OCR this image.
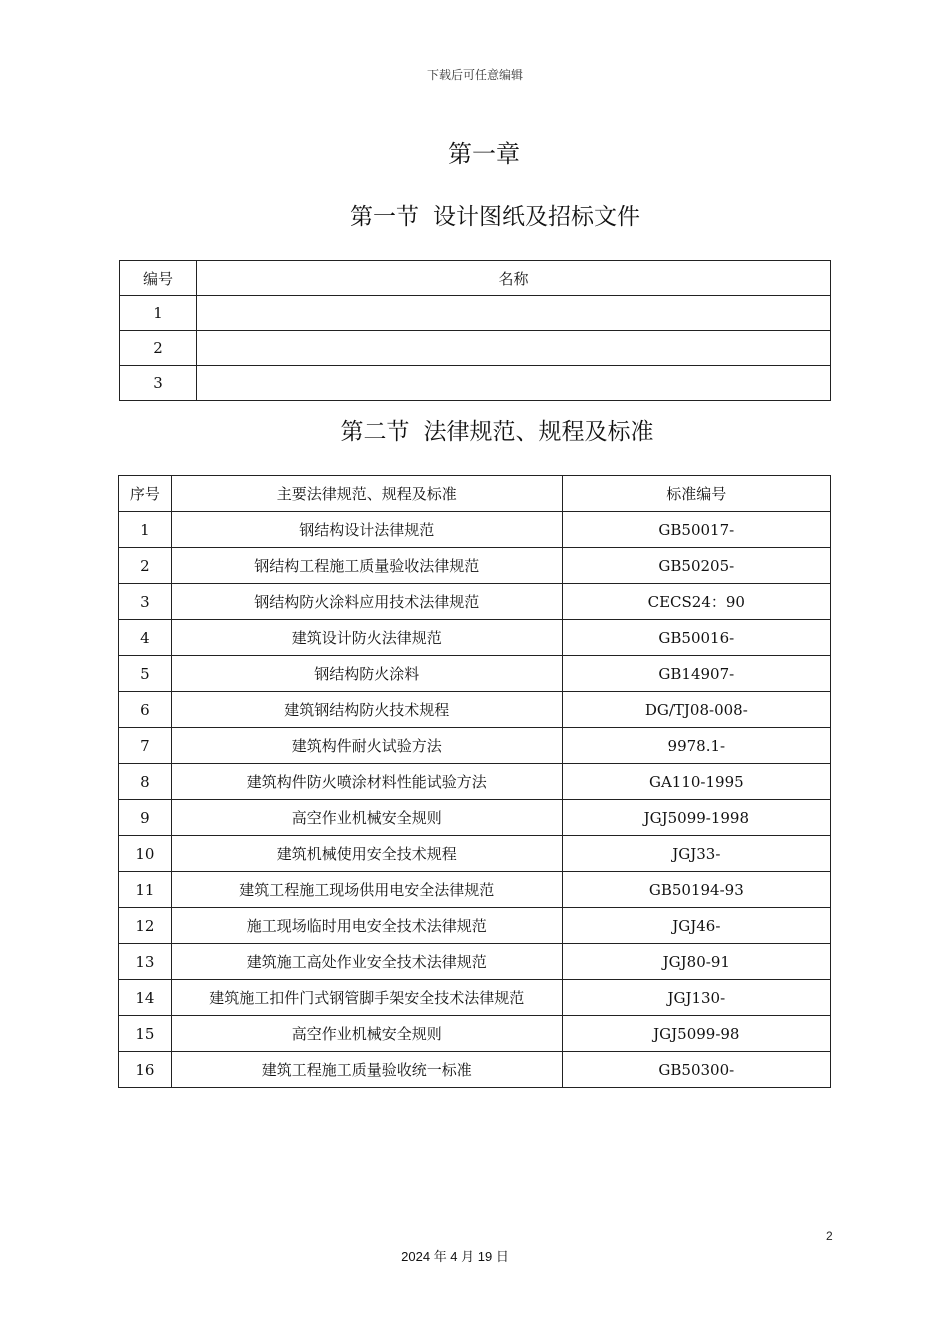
下载后可任意编辑
第一章
第一节 设计图纸及招标文件
编号	名称
1	
2	
3	
第二节 法律规范、规程及标准
序号	主要法律规范、规程及标准	标准编号
1	钢结构设计法律规范	GB50017-
2	钢结构工程施工质量验收法律规范	GB50205-
3	钢结构防火涂料应用技术法律规范	CECS24：90
4	建筑设计防火法律规范	GB50016-
5	钢结构防火涂料	GB14907-
6	建筑钢结构防火技术规程	DG/TJ08-008-
7	建筑构件耐火试验方法	9978.1-
8	建筑构件防火喷涂材料性能试验方法	GA110-1995
9	高空作业机械安全规则	JGJ5099-1998
10	建筑机械使用安全技术规程	JGJ33-
11	建筑工程施工现场供用电安全法律规范	GB50194-93
12	施工现场临时用电安全技术法律规范	JGJ46-
13	建筑施工高处作业安全技术法律规范	JGJ80-91
14	建筑施工扣件门式钢管脚手架安全技术法律规范	JGJ130-
15	高空作业机械安全规则	JGJ5099-98
16	建筑工程施工质量验收统一标准	GB50300-
2
2024 年 4 月 19 日
